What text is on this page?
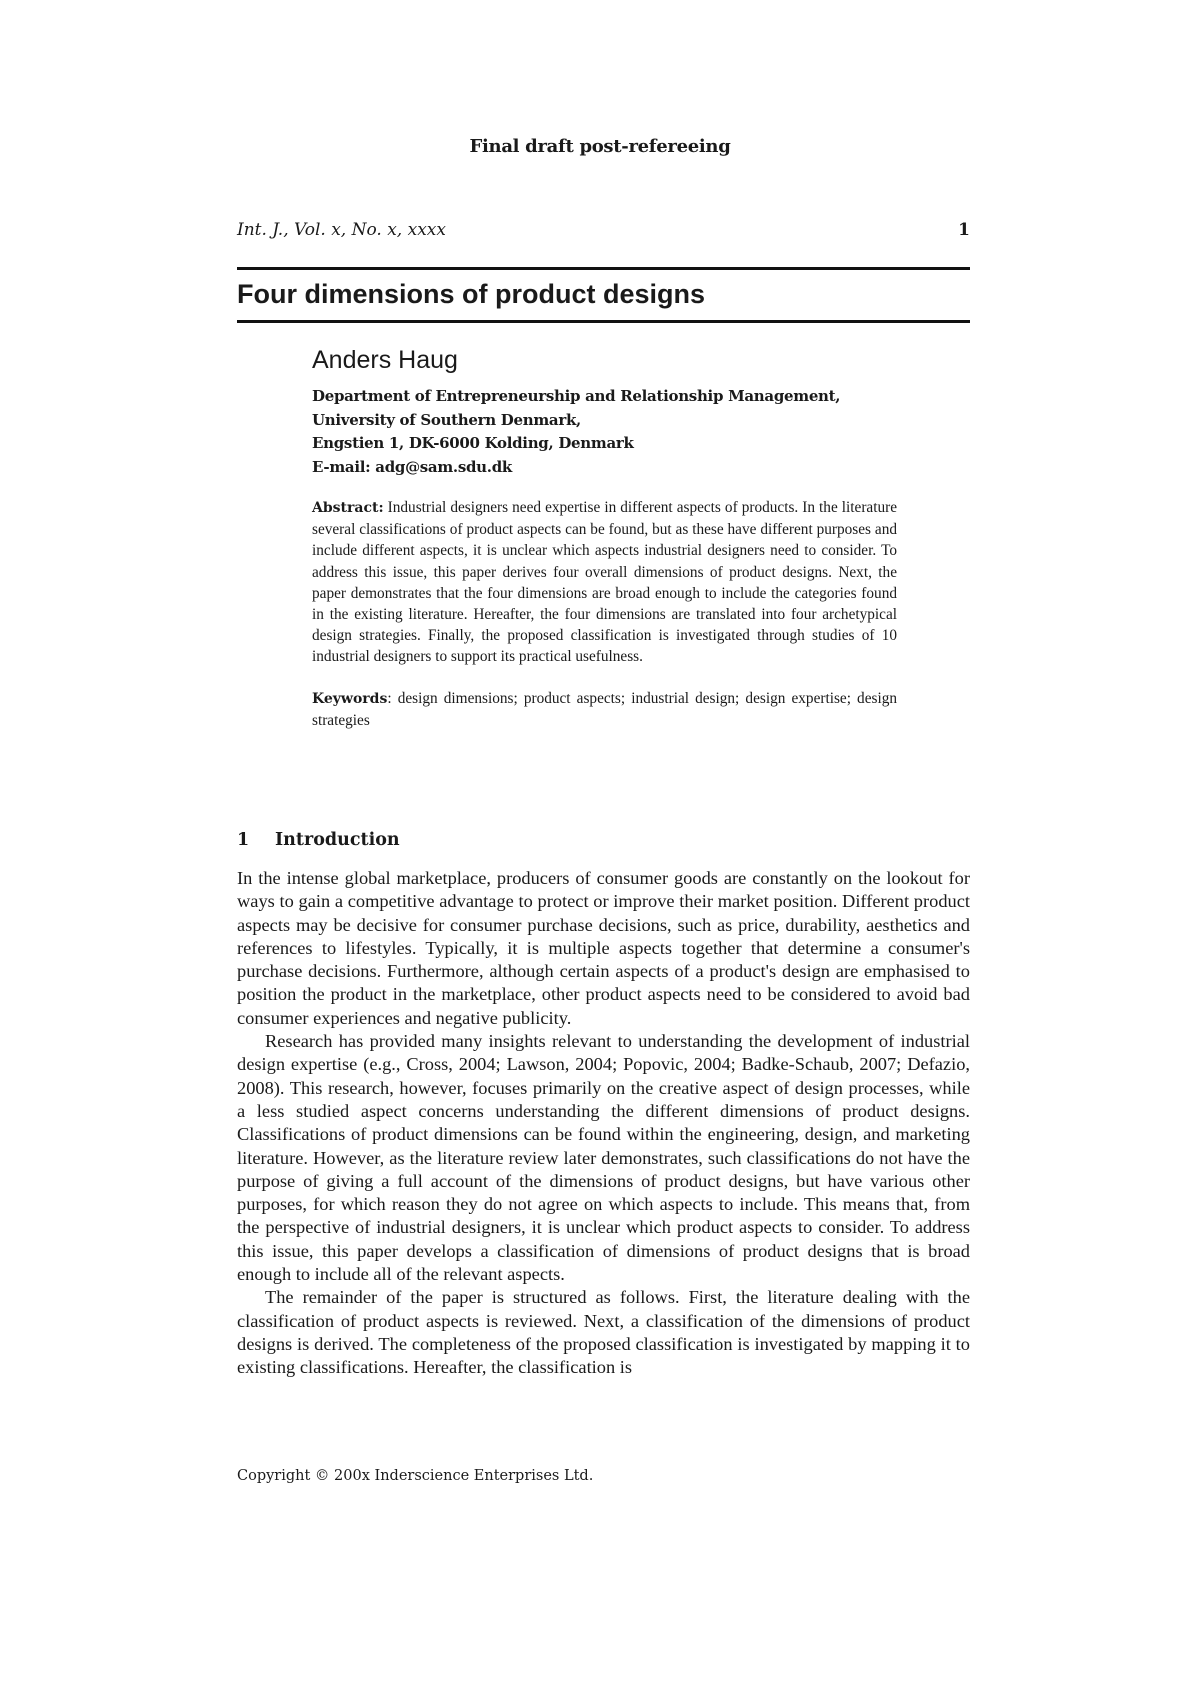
Final draft post-refereeing
Int. J., Vol. x, No. x, xxxx	1
Four dimensions of product designs
Anders Haug
Department of Entrepreneurship and Relationship Management,
University of Southern Denmark,
Engstien 1, DK-6000 Kolding, Denmark
E-mail: adg@sam.sdu.dk

Abstract: Industrial designers need expertise in different aspects of products. In the literature several classifications of product aspects can be found, but as these have different purposes and include different aspects, it is unclear which aspects industrial designers need to consider. To address this issue, this paper derives four overall dimensions of product designs. Next, the paper demonstrates that the four dimensions are broad enough to include the categories found in the existing literature. Hereafter, the four dimensions are translated into four archetypical design strategies. Finally, the proposed classification is investigated through studies of 10 industrial designers to support its practical usefulness.

Keywords: design dimensions; product aspects; industrial design; design expertise; design strategies

1 Introduction

In the intense global marketplace, producers of consumer goods are constantly on the lookout for ways to gain a competitive advantage to protect or improve their market position. Different product aspects may be decisive for consumer purchase decisions, such as price, durability, aesthetics and references to lifestyles. Typically, it is multiple aspects together that determine a consumer's purchase decisions. Furthermore, although certain aspects of a product's design are emphasised to position the product in the marketplace, other product aspects need to be considered to avoid bad consumer experiences and negative publicity.

Research has provided many insights relevant to understanding the development of industrial design expertise (e.g., Cross, 2004; Lawson, 2004; Popovic, 2004; Badke-Schaub, 2007; Defazio, 2008). This research, however, focuses primarily on the creative aspect of design processes, while a less studied aspect concerns understanding the different dimensions of product designs. Classifications of product dimensions can be found within the engineering, design, and marketing literature. However, as the literature review later demonstrates, such classifications do not have the purpose of giving a full account of the dimensions of product designs, but have various other purposes, for which reason they do not agree on which aspects to include. This means that, from the perspective of industrial designers, it is unclear which product aspects to consider. To address this issue, this paper develops a classification of dimensions of product designs that is broad enough to include all of the relevant aspects.

The remainder of the paper is structured as follows. First, the literature dealing with the classification of product aspects is reviewed. Next, a classification of the dimensions of product designs is derived. The completeness of the proposed classification is investigated by mapping it to existing classifications. Hereafter, the classification is

Copyright © 200x Inderscience Enterprises Ltd.
